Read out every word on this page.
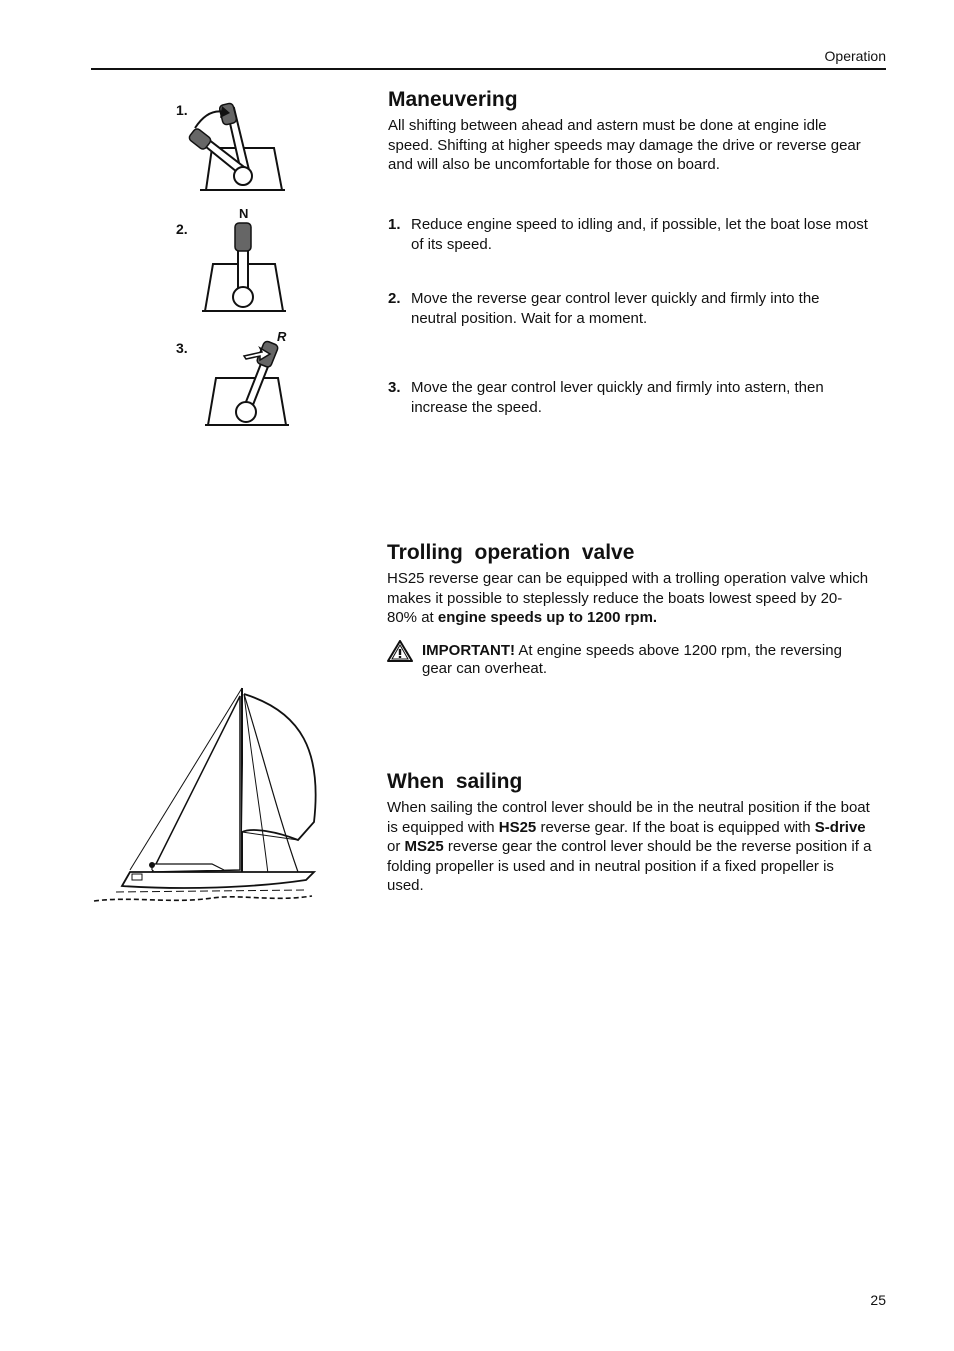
Operation
1.
2.
N
3.
R
Maneuvering

All shifting between ahead and astern must be done at engine idle speed. Shifting at higher speeds may damage the drive or reverse gear and will also be uncomfortable for those on board.

1. Reduce engine speed to idling and, if possible, let the boat lose most of its speed.
2. Move the reverse gear control lever quickly and firmly into the neutral position. Wait for a moment.
3. Move the gear control lever quickly and firmly into astern, then increase the speed.
Trolling  operation  valve

HS25 reverse gear can be equipped with a trolling operation valve which makes it possible to steplessly reduce the boats lowest speed by 20-80% at engine speeds up to 1200 rpm.

IMPORTANT! At engine speeds above 1200 rpm, the reversing gear can overheat.
When  sailing

When sailing the control lever should be in the neutral position if the boat is equipped with HS25 reverse gear. If the boat is equipped with S-drive or MS25 reverse gear the control lever should be the reverse position if a folding propeller is used and in neutral position if a fixed propeller is used.

25
